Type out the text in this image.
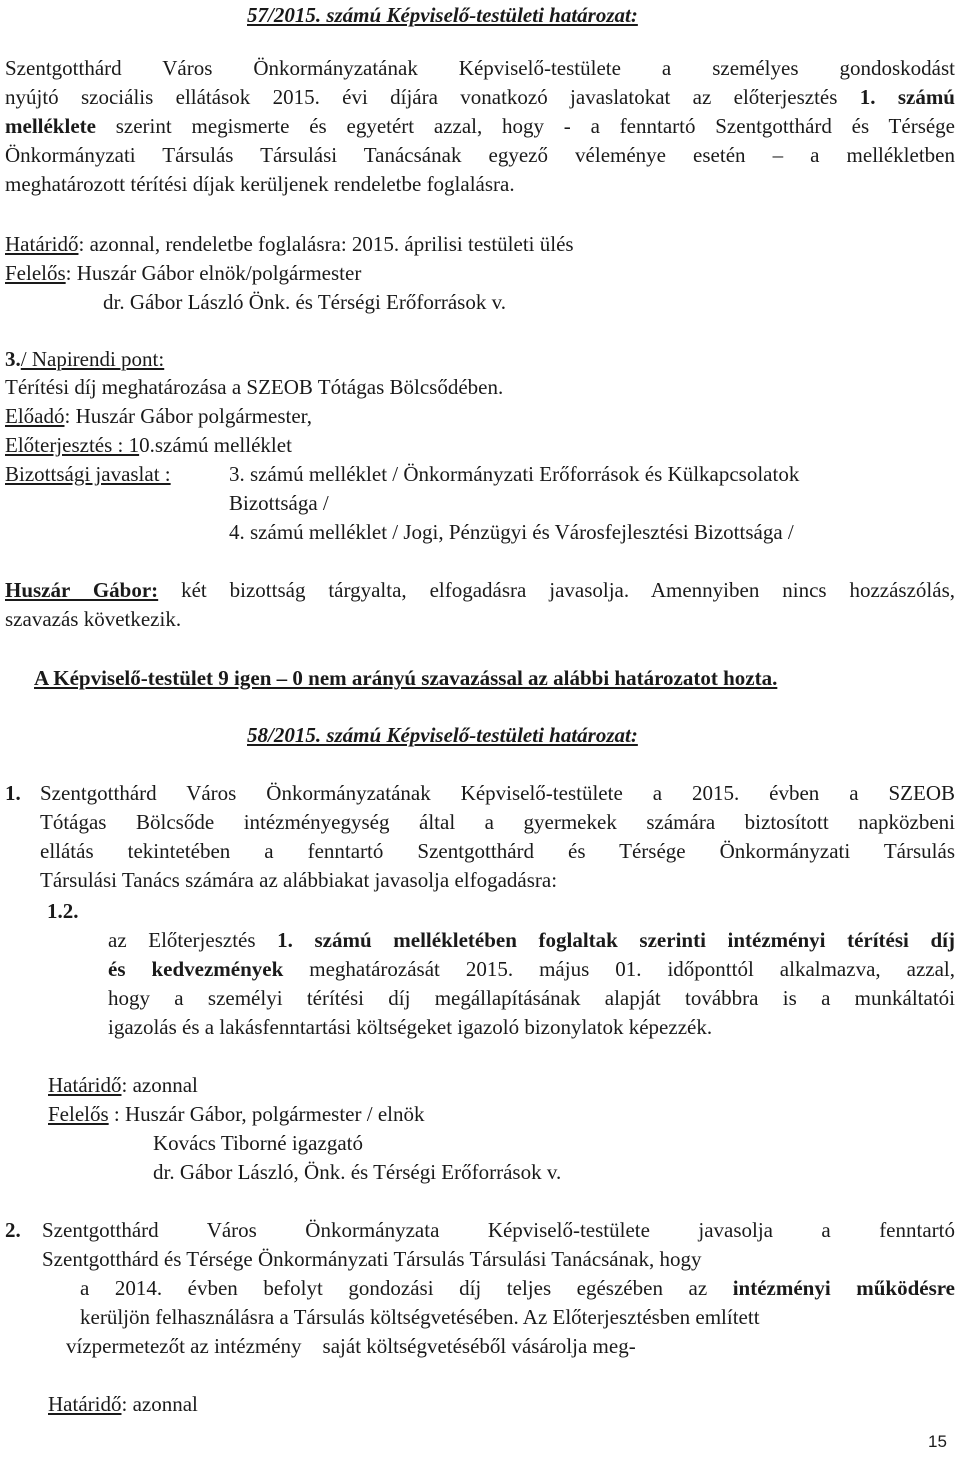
57/2015. számú Képviselő-testületi határozat:
Szentgotthárd Város Önkormányzatának Képviselő-testülete a személyes gondoskodást
nyújtó szociális ellátások 2015. évi díjára vonatkozó javaslatokat az előterjesztés 1. számú
melléklete szerint megismerte és egyetért azzal, hogy - a fenntartó Szentgotthárd és Térsége
Önkormányzati Társulás Társulási Tanácsának egyező véleménye esetén – a mellékletben
meghatározott térítési díjak kerüljenek rendeletbe foglalásra.
Határidő: azonnal, rendeletbe foglalásra: 2015. áprilisi testületi ülés
Felelős: Huszár Gábor elnök/polgármester
dr. Gábor László Önk. és Térségi Erőforrások v.
3./ Napirendi pont:
Térítési díj meghatározása a SZEOB Tótágas Bölcsődében.
Előadó: Huszár Gábor polgármester,
Előterjesztés : 10.számú melléklet
Bizottsági javaslat :	3. számú melléklet / Önkormányzati Erőforrások és Külkapcsolatok
Bizottsága /
4. számú melléklet / Jogi, Pénzügyi és Városfejlesztési Bizottsága /
Huszár Gábor: két bizottság tárgyalta, elfogadásra javasolja. Amennyiben nincs hozzászólás,
szavazás következik.
A Képviselő-testület 9 igen – 0 nem arányú szavazással az alábbi határozatot hozta.
58/2015. számú Képviselő-testületi határozat:
1. Szentgotthárd Város Önkormányzatának Képviselő-testülete a 2015. évben a SZEOB
Tótágas Bölcsőde intézményegység által a gyermekek számára biztosított napközbeni
ellátás tekintetében a fenntartó Szentgotthárd és Térsége Önkormányzati Társulás
Társulási Tanács számára az alábbiakat javasolja elfogadásra:
1.2.
az Előterjesztés 1. számú mellékletében foglaltak szerinti intézményi térítési díj
és kedvezmények meghatározását 2015. május 01. időponttól alkalmazva, azzal,
hogy a személyi térítési díj megállapításának alapját továbbra is a munkáltatói
igazolás és a lakásfenntartási költségeket igazoló bizonylatok képezzék.
Határidő: azonnal
Felelős : Huszár Gábor, polgármester / elnök
Kovács Tiborné igazgató
dr. Gábor László, Önk. és Térségi Erőforrások v.
2. Szentgotthárd Város Önkormányzata Képviselő-testülete javasolja a fenntartó
Szentgotthárd és Térsége Önkormányzati Társulás Társulási Tanácsának, hogy
a 2014. évben befolyt gondozási díj teljes egészében az intézményi működésre
kerüljön felhasználásra a Társulás költségvetésében. Az Előterjesztésben említett
vízpermetezőt az intézmény    saját költségvetéséből vásárolja meg-
Határidő: azonnal
15
